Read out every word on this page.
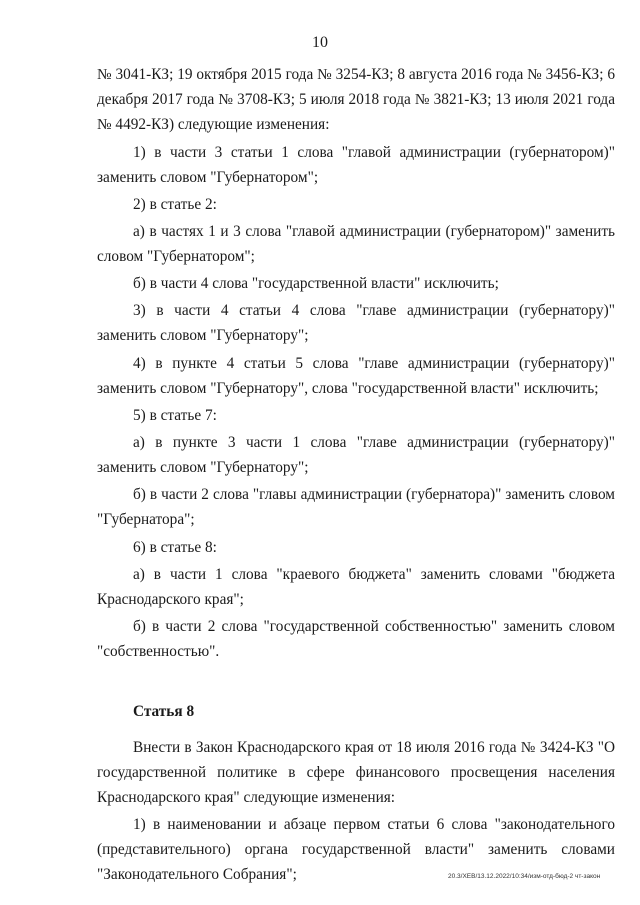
10

№ 3041-КЗ; 19 октября 2015 года № 3254-КЗ; 8 августа 2016 года № 3456-КЗ; 6 декабря 2017 года № 3708-КЗ; 5 июля 2018 года № 3821-КЗ; 13 июля 2021 года № 4492-КЗ) следующие изменения:

1) в части 3 статьи 1 слова "главой администрации (губернатором)" заменить словом "Губернатором";

2) в статье 2:

а) в частях 1 и 3 слова "главой администрации (губернатором)" заменить словом "Губернатором";

б) в части 4 слова "государственной власти" исключить;

3) в части 4 статьи 4 слова "главе администрации (губернатору)" заменить словом "Губернатору";

4) в пункте 4 статьи 5 слова "главе администрации (губернатору)" заменить словом "Губернатору", слова "государственной власти" исключить;

5) в статье 7:

а) в пункте 3 части 1 слова "главе администрации (губернатору)" заменить словом "Губернатору";

б) в части 2 слова "главы администрации (губернатора)" заменить словом "Губернатора";

6) в статье 8:

а) в части 1 слова "краевого бюджета" заменить словами "бюджета Краснодарского края";

б) в части 2 слова "государственной собственностью" заменить словом "собственностью".

Статья 8

Внести в Закон Краснодарского края от 18 июля 2016 года № 3424-КЗ "О государственной политике в сфере финансового просвещения населения Краснодарского края" следующие изменения:

1) в наименовании и абзаце первом статьи 6 слова "законодательного (представительного) органа государственной власти" заменить словами "Законодательного Собрания";	20.3/ХЕВ/13.12.2022/10:34/изм-отд-бюд-2 чт-закон
